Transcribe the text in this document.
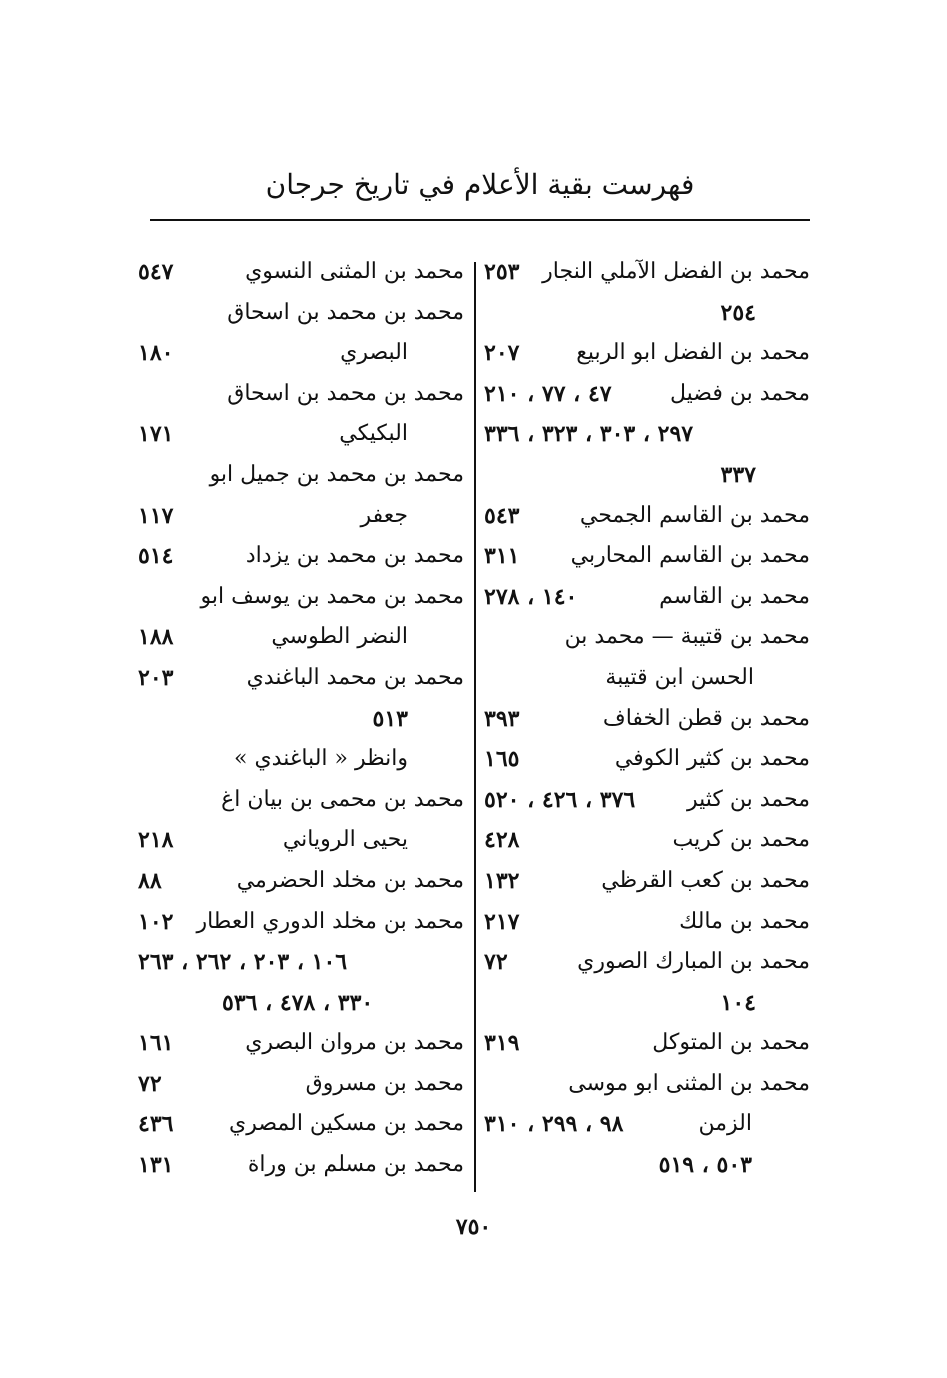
فهرست بقية الأعلام في تاريخ جرجان
محمد بن الفضل الآملي النجار
٢٥٣
٢٥٤
محمد بن الفضل ابو الربيع
٢٠٧
محمد بن فضيل
٤٧ ، ٧٧ ، ٢١٠
٢٩٧ ، ٣٠٣ ، ٣٢٣ ، ٣٣٦
٣٣٧
محمد بن القاسم الجمحي
٥٤٣
محمد بن القاسم المحاربي
٣١١
محمد بن القاسم
١٤٠ ، ٢٧٨
محمد بن قتيبة — محمد بن
الحسن ابن قتيبة
محمد بن قطن الخفاف
٣٩٣
محمد بن كثير الكوفي
١٦٥
محمد بن كثير
٣٧٦ ، ٤٢٦ ، ٥٢٠
محمد بن كريب
٤٢٨
محمد بن كعب القرظي
١٣٢
محمد بن مالك
٢١٧
محمد بن المبارك الصوري
٧٢
١٠٤
محمد بن المتوكل
٣١٩
محمد بن المثنى ابو موسى
الزمن
٩٨ ، ٢٩٩ ، ٣١٠
٥٠٣ ، ٥١٩
محمد بن المثنى النسوي
٥٤٧
محمد بن محمد بن اسحاق
البصري
١٨٠
محمد بن محمد بن اسحاق
البكيكي
١٧١
محمد بن محمد بن جميل ابو
جعفر
١١٧
محمد بن محمد بن يزداد
٥١٤
محمد بن محمد بن يوسف ابو
النضر الطوسي
١٨٨
محمد بن محمد الباغندي
٢٠٣
٥١٣
وانظر « الباغندي »
محمد بن محمى بن بيان اغ
يحيى الروياني
٢١٨
محمد بن مخلد الحضرمي
٨٨
محمد بن مخلد الدوري العطار
١٠٢
١٠٦ ، ٢٠٣ ، ٢٦٢ ، ٢٦٣
٣٣٠ ، ٤٧٨ ، ٥٣٦
محمد بن مروان البصري
١٦١
محمد بن مسروق
٧٢
محمد بن مسكين المصري
٤٣٦
محمد بن مسلم بن وراة
١٣١
٧٥٠
